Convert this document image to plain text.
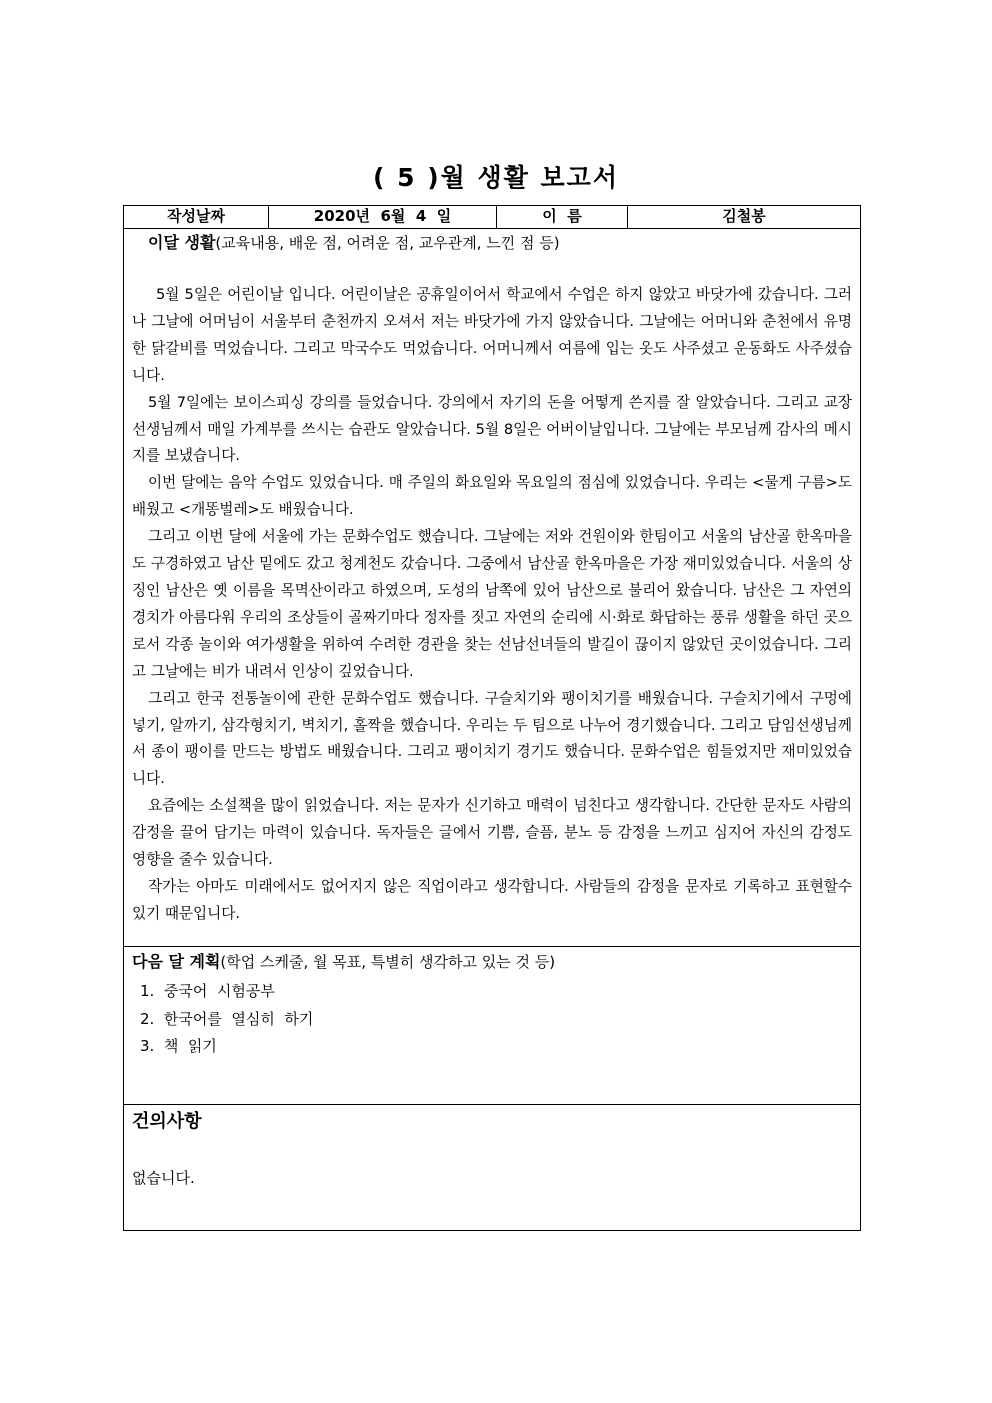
( 5 )월 생활 보고서
작성날짜	2020년  6월  4  일	이  름	김철봉
이달 생활(교육내용, 배운 점, 어려운 점, 교우관계, 느낀 점 등)

5월 5일은 어린이날 입니다. 어린이날은 공휴일이어서 학교에서 수업은 하지 않았고 바닷가에 갔습니다. 그러나 그날에 어머님이 서울부터 춘천까지 오셔서 저는 바닷가에 가지 않았습니다. 그날에는 어머니와 춘천에서 유명한 닭갈비를 먹었습니다. 그리고 막국수도 먹었습니다. 어머니께서 여름에 입는 옷도 사주셨고 운동화도 사주셨습니다.

5월 7일에는 보이스피싱 강의를 들었습니다. 강의에서 자기의 돈을 어떻게 쓴지를 잘 알았습니다. 그리고 교장선생님께서 매일 가계부를 쓰시는 습관도 알았습니다. 5월 8일은 어버이날입니다. 그날에는 부모님께 감사의 메시지를 보냈습니다.

이번 달에는 음악 수업도 있었습니다. 매 주일의 화요일와 목요일의 점심에 있었습니다. 우리는 <물게 구름>도 배웠고 <개똥벌레>도 배웠습니다.

그리고 이번 달에 서울에 가는 문화수업도 했습니다. 그날에는 저와 건원이와 한팀이고 서울의 남산골 한옥마을도 구경하였고 남산 밑에도 갔고 청계천도 갔습니다. 그중에서 남산골 한옥마을은 가장 재미있었습니다. 서울의 상징인 남산은 옛 이름을 목멱산이라고 하였으며, 도성의 남쪽에 있어 남산으로 불리어 왔습니다. 남산은 그 자연의 경치가 아름다워 우리의 조상들이 골짜기마다 정자를 짓고 자연의 순리에 시·화로 화답하는 풍류 생활을 하던 곳으로서 각종 놀이와 여가생활을 위하여 수려한 경관을 찾는 선남선녀들의 발길이 끊이지 않았던 곳이었습니다. 그리고 그날에는 비가 내려서 인상이 깊었습니다.

그리고 한국 전통놀이에 관한 문화수업도 했습니다. 구슬치기와 팽이치기를 배웠습니다. 구슬치기에서 구멍에 넣기, 알까기, 삼각형치기, 벽치기, 홀짝을 했습니다. 우리는 두 팀으로 나누어 경기했습니다. 그리고 담임선생님께서 종이 팽이를 만드는 방법도 배웠습니다. 그리고 팽이치기 경기도 했습니다. 문화수업은 힘들었지만 재미있었습니다.

요즘에는 소설책을 많이 읽었습니다. 저는 문자가 신기하고 매력이 넘친다고 생각합니다. 간단한 문자도 사람의 감정을 끌어 담기는 마력이 있습니다. 독자들은 글에서 기쁨, 슬픔, 분노 등 감정을 느끼고 심지어 자신의 감정도 영향을 줄수 있습니다.

작가는 아마도 미래에서도 없어지지 않은 직업이라고 생각합니다. 사람들의 감정을 문자로 기록하고 표현할수 있기 때문입니다.

다음 달 계획(학업 스케줄, 월 목표, 특별히 생각하고 있는 것 등)
1.  중국어  시험공부
2.  한국어를  열심히  하기
3.  책  읽기
건의사항
없습니다.
